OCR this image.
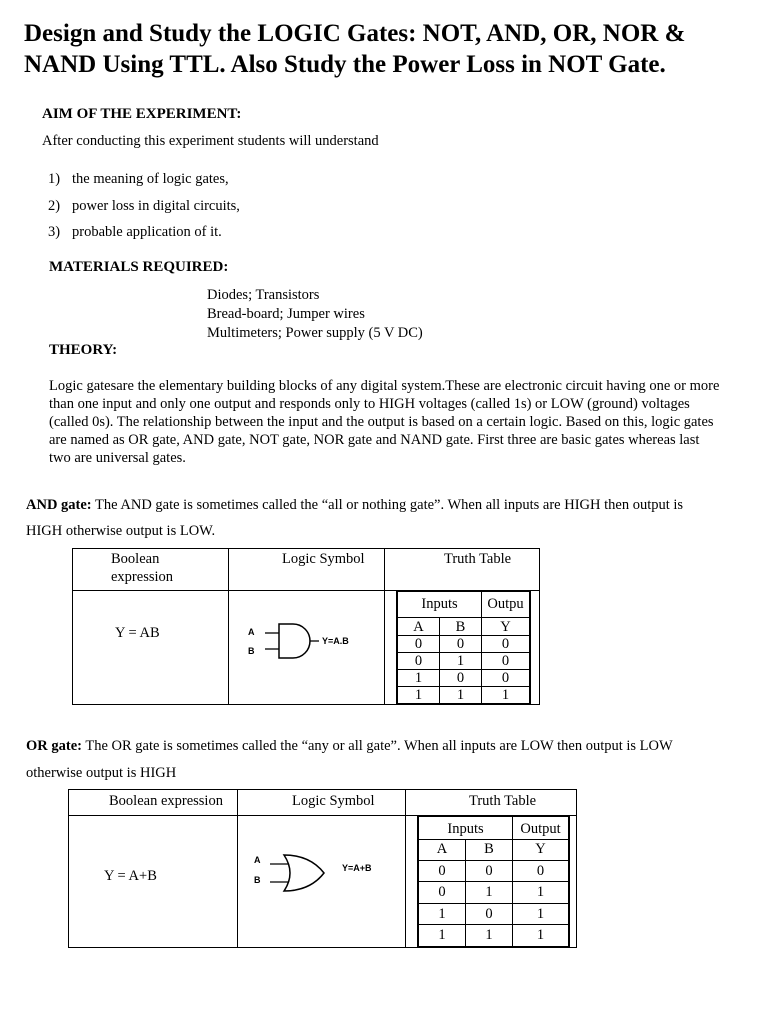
Design and Study the LOGIC Gates: NOT, AND, OR, NOR &
NAND Using TTL. Also Study the Power Loss in NOT Gate.
AIM OF THE EXPERIMENT:
After conducting this experiment students will understand
1) the meaning of logic gates,
2) power loss in digital circuits,
3) probable application of it.
MATERIALS REQUIRED:
Diodes; Transistors
Bread-board; Jumper wires
Multimeters; Power supply (5 V DC)
THEORY:
Logic gatesare the elementary building blocks of any digital system.These are electronic circuit having one or more
than one input and only one output and responds only to HIGH voltages (called 1s) or LOW (ground) voltages
(called 0s). The relationship between the input and the output is based on a certain logic. Based on this, logic gates
are named as OR gate, AND gate, NOT gate, NOR gate and NAND gate. First three are basic gates whereas last
two are universal gates.
AND gate: The AND gate is sometimes called the “all or nothing gate”. When all inputs are HIGH then output is
HIGH otherwise output is LOW.
Boolean
expression
Logic Symbol	Truth Table
Y = AB	A
B
Y=A.B
Inputs	Outpu
A	B	Y
0	0	0
0	1	0
1	0	0
1	1	1
OR gate: The OR gate is sometimes called the “any or all gate”. When all inputs are LOW then output is LOW
otherwise output is HIGH
Boolean expression	Logic Symbol	Truth Table
Y = A+B
A
B
Y=A+B
Inputs	Output
A	B	Y
0	0	0
0	1	1
1	0	1
1	1	1
